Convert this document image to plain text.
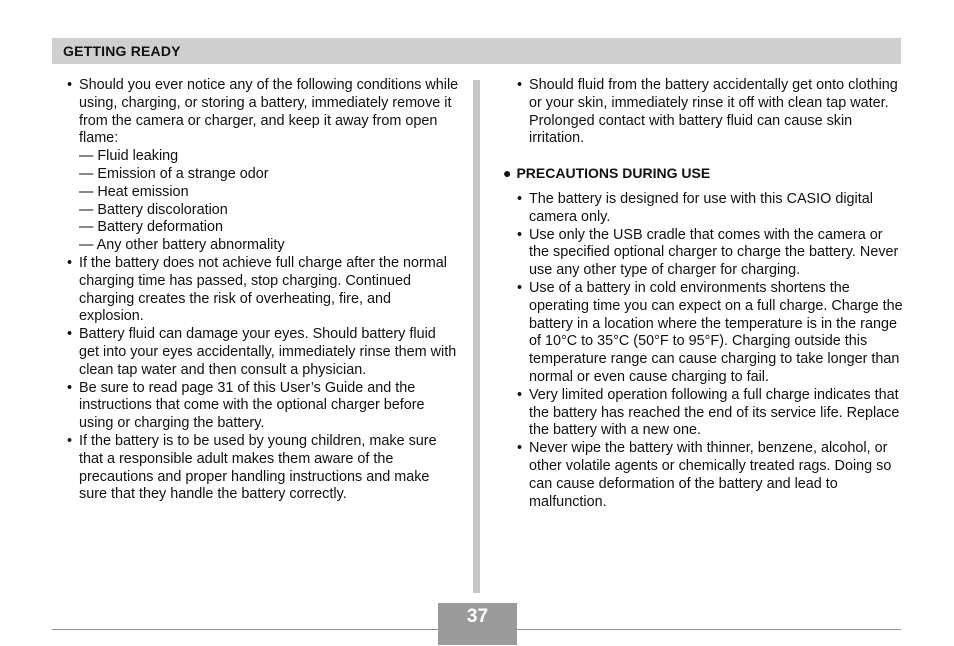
GETTING READY
• Should you ever notice any of the following conditions while using, charging, or storing a battery, immediately remove it from the camera or charger, and keep it away from open flame:
— Fluid leaking
— Emission of a strange odor
— Heat emission
— Battery discoloration
— Battery deformation
— Any other battery abnormality
• If the battery does not achieve full charge after the normal charging time has passed, stop charging. Continued charging creates the risk of overheating, fire, and explosion.
• Battery fluid can damage your eyes. Should battery fluid get into your eyes accidentally, immediately rinse them with clean tap water and then consult a physician.
• Be sure to read page 31 of this User’s Guide and the instructions that come with the optional charger before using or charging the battery.
• If the battery is to be used by young children, make sure that a responsible adult makes them aware of the precautions and proper handling instructions and make sure that they handle the battery correctly.
• Should fluid from the battery accidentally get onto clothing or your skin, immediately rinse it off with clean tap water. Prolonged contact with battery fluid can cause skin irritation.
● PRECAUTIONS DURING USE
• The battery is designed for use with this CASIO digital camera only.
• Use only the USB cradle that comes with the camera or the specified optional charger to charge the battery. Never use any other type of charger for charging.
• Use of a battery in cold environments shortens the operating time you can expect on a full charge. Charge the battery in a location where the temperature is in the range of 10°C to 35°C (50°F to 95°F). Charging outside this temperature range can cause charging to take longer than normal or even cause charging to fail.
• Very limited operation following a full charge indicates that the battery has reached the end of its service life. Replace the battery with a new one.
• Never wipe the battery with thinner, benzene, alcohol, or other volatile agents or chemically treated rags. Doing so can cause deformation of the battery and lead to malfunction.
37
